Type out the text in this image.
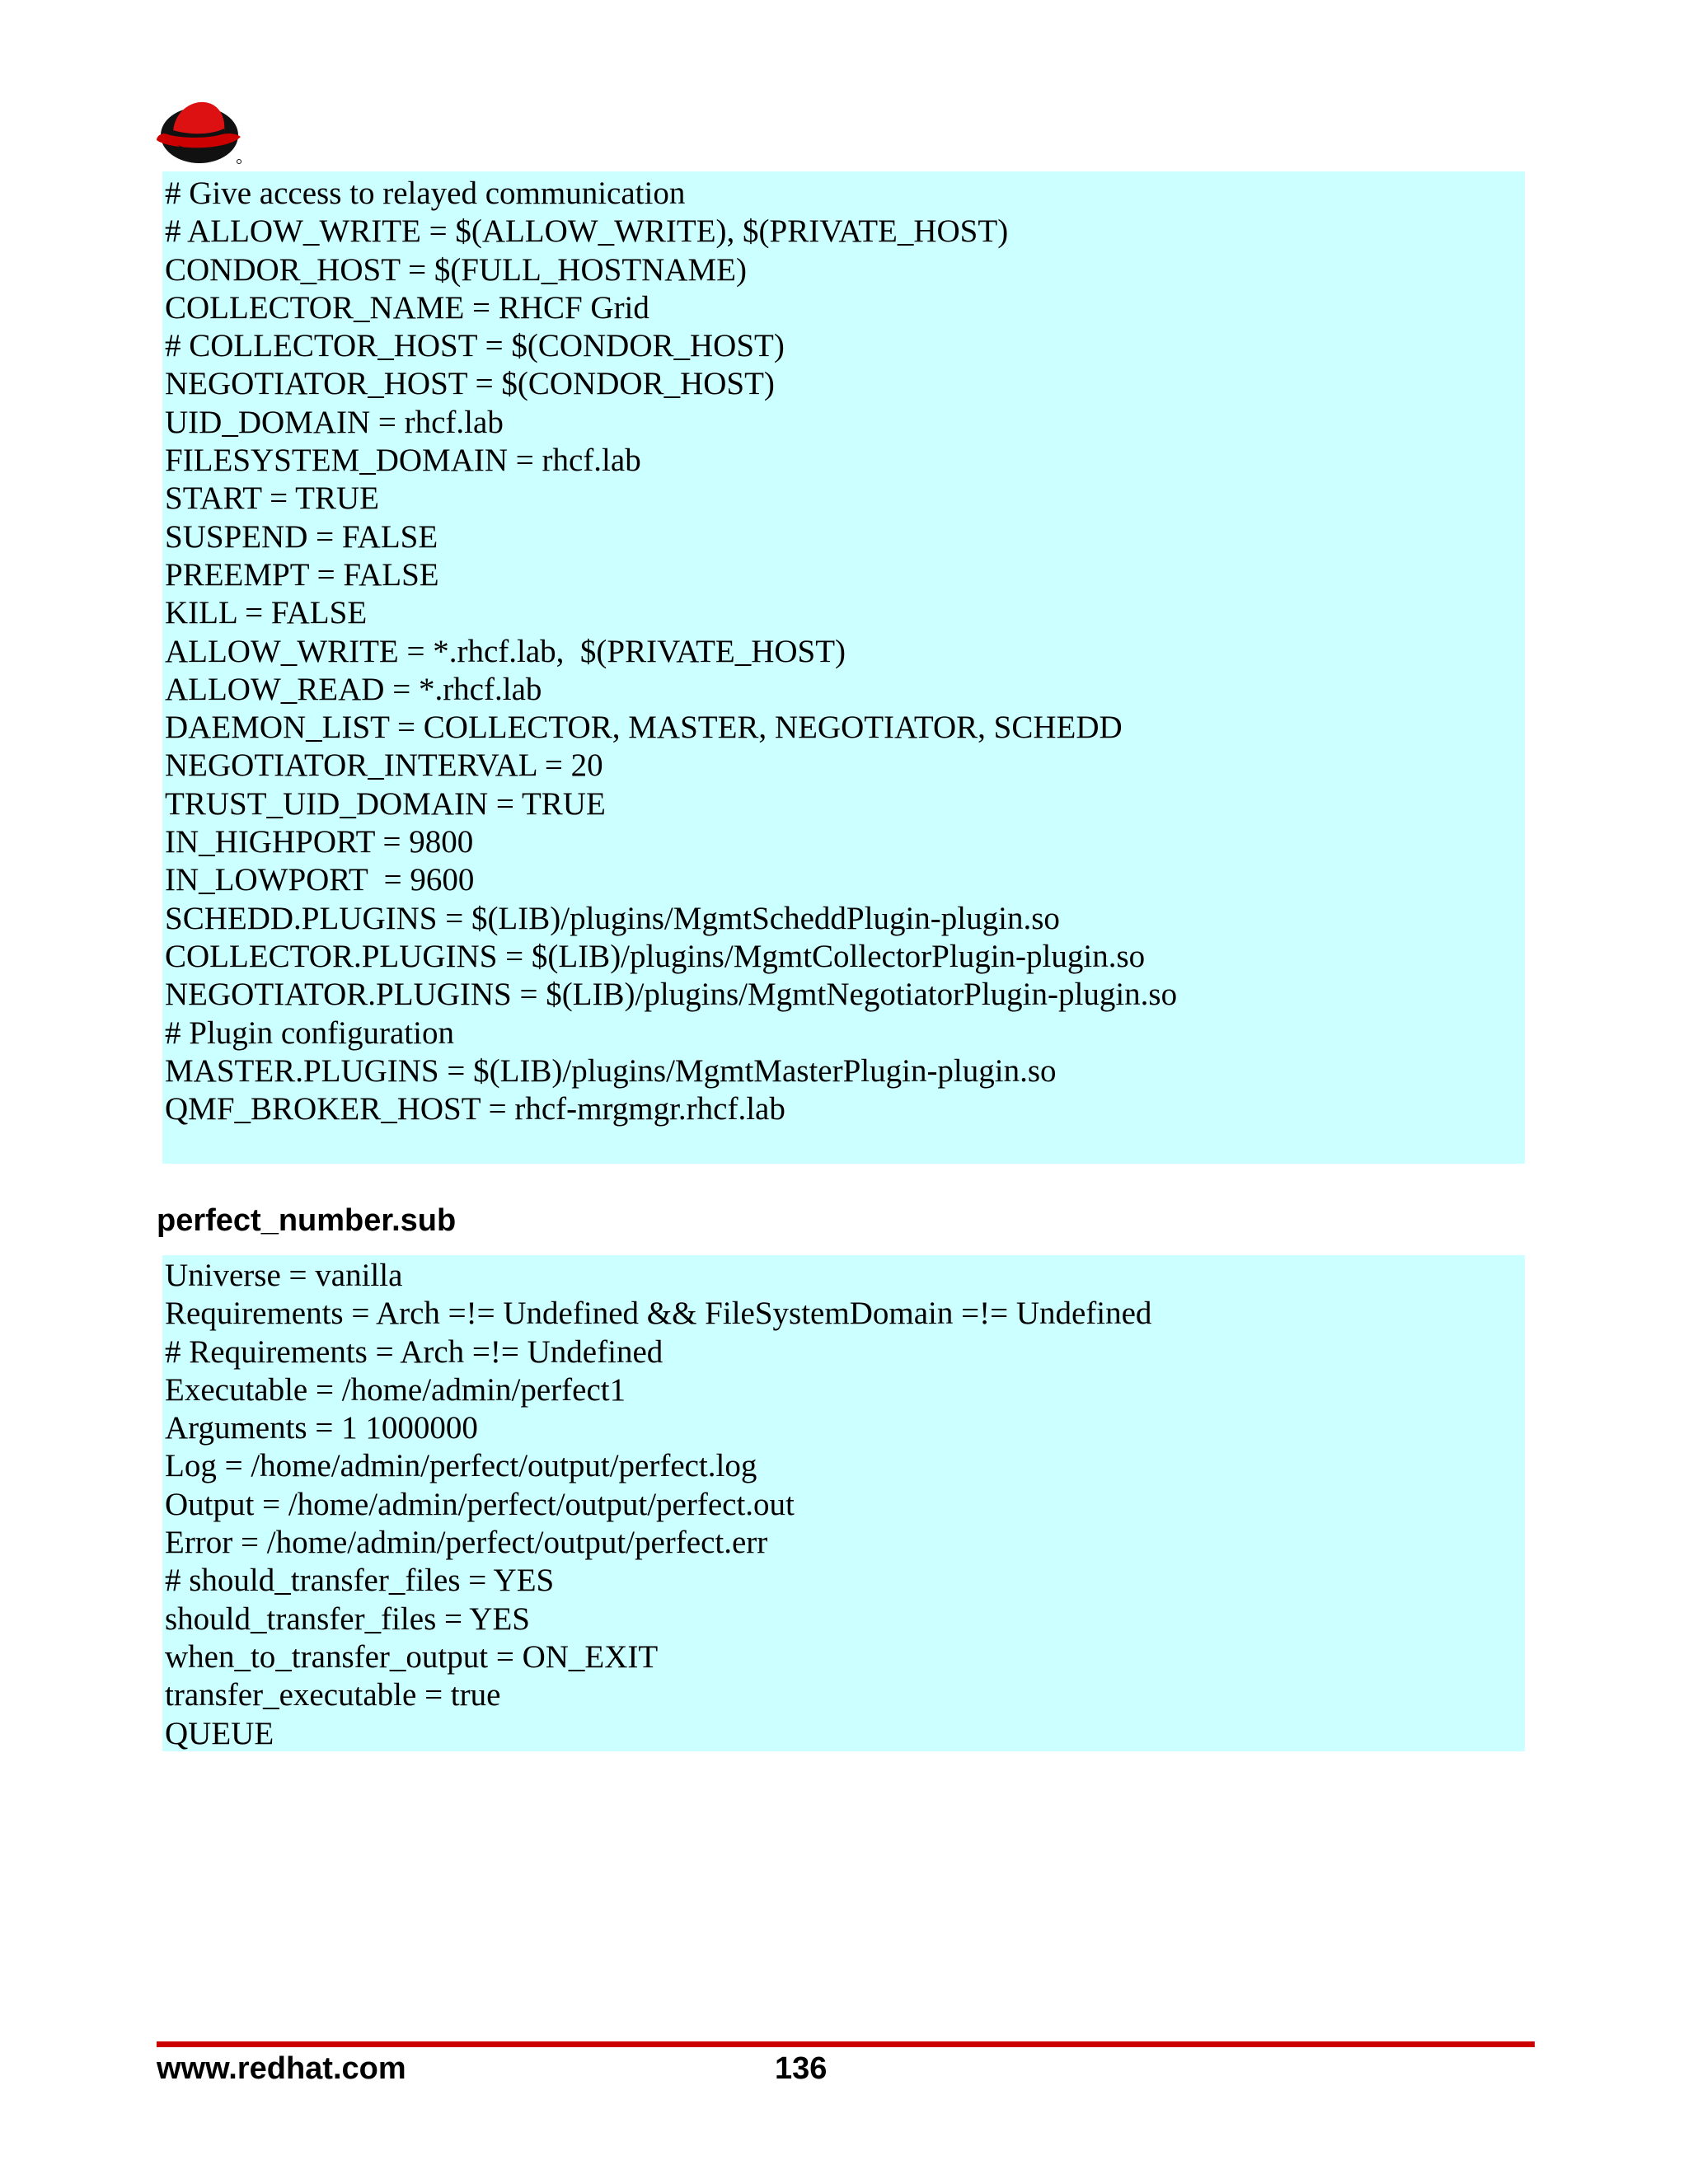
# Give access to relayed communication
# ALLOW_WRITE = $(ALLOW_WRITE), $(PRIVATE_HOST)
CONDOR_HOST = $(FULL_HOSTNAME)
COLLECTOR_NAME = RHCF Grid
# COLLECTOR_HOST = $(CONDOR_HOST)
NEGOTIATOR_HOST = $(CONDOR_HOST)
UID_DOMAIN = rhcf.lab
FILESYSTEM_DOMAIN = rhcf.lab
START = TRUE
SUSPEND = FALSE
PREEMPT = FALSE
KILL = FALSE
ALLOW_WRITE = *.rhcf.lab,  $(PRIVATE_HOST)
ALLOW_READ = *.rhcf.lab
DAEMON_LIST = COLLECTOR, MASTER, NEGOTIATOR, SCHEDD
NEGOTIATOR_INTERVAL = 20
TRUST_UID_DOMAIN = TRUE
IN_HIGHPORT = 9800
IN_LOWPORT  = 9600
SCHEDD.PLUGINS = $(LIB)/plugins/MgmtScheddPlugin-plugin.so
COLLECTOR.PLUGINS = $(LIB)/plugins/MgmtCollectorPlugin-plugin.so
NEGOTIATOR.PLUGINS = $(LIB)/plugins/MgmtNegotiatorPlugin-plugin.so
# Plugin configuration
MASTER.PLUGINS = $(LIB)/plugins/MgmtMasterPlugin-plugin.so
QMF_BROKER_HOST = rhcf-mrgmgr.rhcf.lab
perfect_number.sub
Universe = vanilla
Requirements = Arch =!= Undefined && FileSystemDomain =!= Undefined
# Requirements = Arch =!= Undefined
Executable = /home/admin/perfect1
Arguments = 1 1000000
Log = /home/admin/perfect/output/perfect.log
Output = /home/admin/perfect/output/perfect.out
Error = /home/admin/perfect/output/perfect.err
# should_transfer_files = YES
should_transfer_files = YES
when_to_transfer_output = ON_EXIT
transfer_executable = true
QUEUE
www.redhat.com	136
